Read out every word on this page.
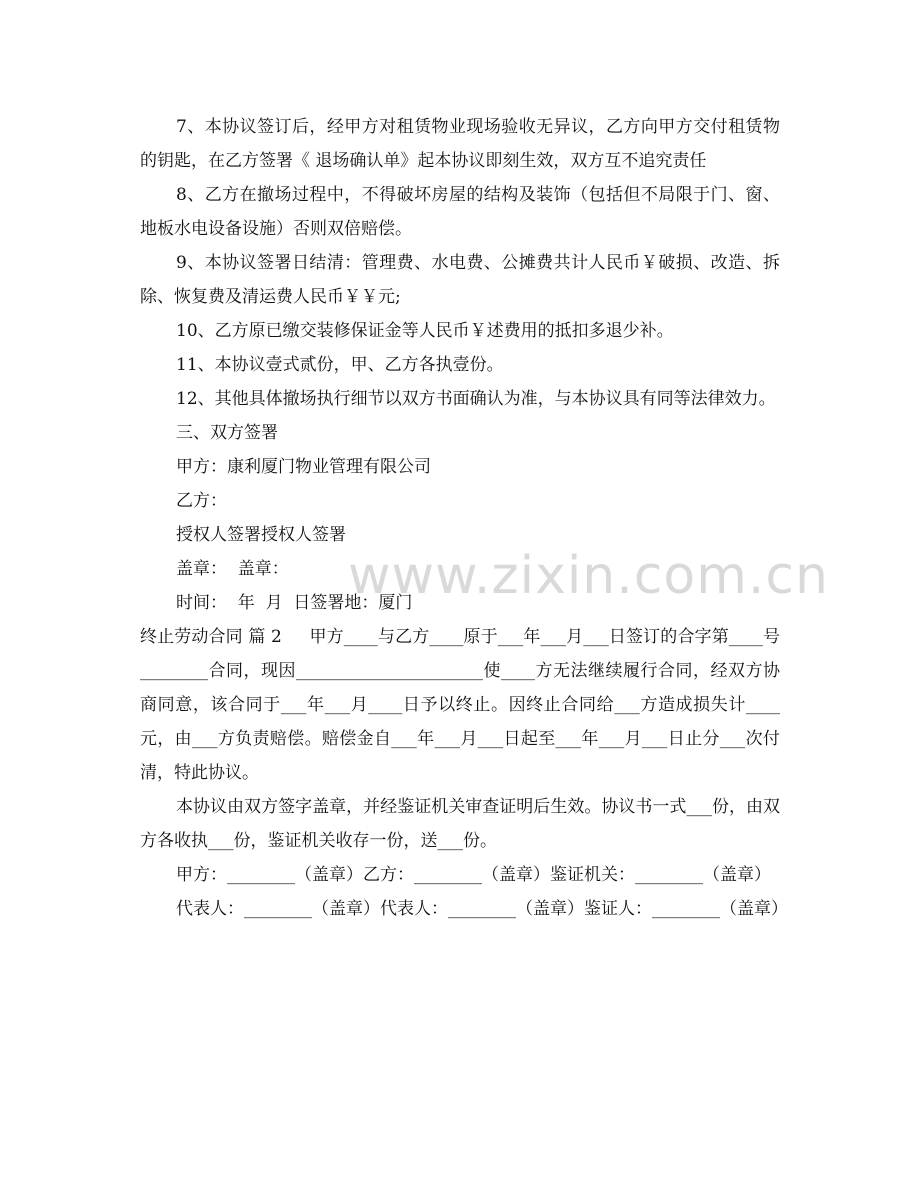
7、本协议签订后，经甲方对租赁物业现场验收无异议，乙方向甲方交付租赁物的钥匙，在乙方签署《 退场确认单》起本协议即刻生效，双方互不追究责任

8、乙方在撤场过程中，不得破坏房屋的结构及装饰（包括但不局限于门、窗、地板水电设备设施）否则双倍赔偿。

9、本协议签署日结清：管理费、水电费、公摊费共计人民币￥破损、改造、拆除、恢复费及清运费人民币￥￥元;

10、乙方原已缴交装修保证金等人民币￥述费用的抵扣多退少补。

11、本协议壹式贰份，甲、乙方各执壹份。

12、其他具体撤场执行细节以双方书面确认为准，与本协议具有同等法律效力。

三、双方签署

甲方：康利厦门物业管理有限公司

乙方：

授权人签署授权人签署

盖章：  盖章：

时间：  年  月  日签署地：厦门

终止劳动合同 篇 2     甲方____与乙方____原于___年___月___日签订的合字第____号________合同，现因______________________使____方无法继续履行合同，经双方协商同意，该合同于___年___月____日予以终止。因终止合同给___方造成损失计____元，由___方负责赔偿。赔偿金自___年___月___日起至___年___月___日止分___次付清，特此协议。

本协议由双方签字盖章，并经鉴证机关审查证明后生效。协议书一式___份，由双方各收执___份，鉴证机关收存一份，送___份。

甲方：________（盖章）乙方：________（盖章）鉴证机关：________（盖章）

代表人：________（盖章）代表人：________（盖章）鉴证人：________（盖章）

www.zixin.com.cn
